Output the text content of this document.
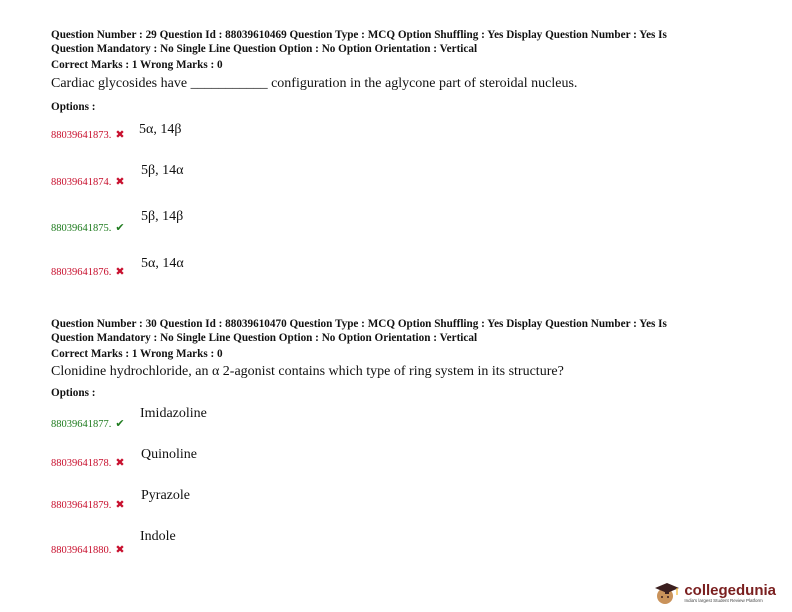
Question Number : 29 Question Id : 88039610469 Question Type : MCQ Option Shuffling : Yes Display Question Number : Yes Is
Question Mandatory : No Single Line Question Option : No Option Orientation : Vertical
Correct Marks : 1 Wrong Marks : 0
Cardiac glycosides have ___________ configuration in the aglycone part of steroidal nucleus.
Options :
88039641873. ✖ 5α, 14β
88039641874. ✖
5β, 14α
88039641875. ✔
5β, 14β
88039641876. ✖
5α, 14α
Question Number : 30 Question Id : 88039610470 Question Type : MCQ Option Shuffling : Yes Display Question Number : Yes Is
Question Mandatory : No Single Line Question Option : No Option Orientation : Vertical
Correct Marks : 1 Wrong Marks : 0
Clonidine hydrochloride, an α 2-agonist contains which type of ring system in its structure?
Options :
88039641877. ✔
Imidazoline
88039641878. ✖
Quinoline
88039641879. ✖
Pyrazole
88039641880. ✖
Indole
collegedunia
India's largest Student Review Platform
